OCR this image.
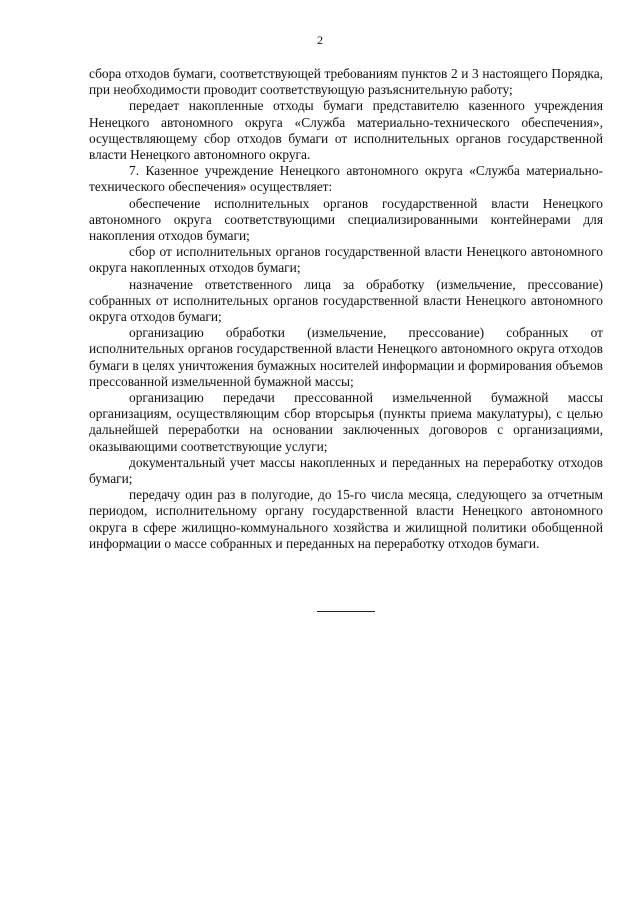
2

сбора отходов бумаги, соответствующей требованиям пунктов 2 и 3 настоящего Порядка, при необходимости проводит соответствующую разъяснительную работу;

передает накопленные отходы бумаги представителю казенного учреждения Ненецкого автономного округа «Служба материально-технического обеспечения», осуществляющему сбор отходов бумаги от исполнительных органов государственной власти Ненецкого автономного округа.

7. Казенное учреждение Ненецкого автономного округа «Служба материально-технического обеспечения» осуществляет:

обеспечение исполнительных органов государственной власти Ненецкого автономного округа соответствующими специализированными контейнерами для накопления отходов бумаги;

сбор от исполнительных органов государственной власти Ненецкого автономного округа накопленных отходов бумаги;

назначение ответственного лица за обработку (измельчение, прессование) собранных от исполнительных органов государственной власти Ненецкого автономного округа отходов бумаги;

организацию обработки (измельчение, прессование) собранных от исполнительных органов государственной власти Ненецкого автономного округа отходов бумаги в целях уничтожения бумажных носителей информации и формирования объемов прессованной измельченной бумажной массы;

организацию передачи прессованной измельченной бумажной массы организациям, осуществляющим сбор вторсырья (пункты приема макулатуры), с целью дальнейшей переработки на основании заключенных договоров с организациями, оказывающими соответствующие услуги;

документальный учет массы накопленных и переданных на переработку отходов бумаги;

передачу один раз в полугодие, до 15-го числа месяца, следующего за отчетным периодом, исполнительному органу государственной власти Ненецкого автономного округа в сфере жилищно-коммунального хозяйства и жилищной политики обобщенной информации о массе собранных и переданных на переработку отходов бумаги.
